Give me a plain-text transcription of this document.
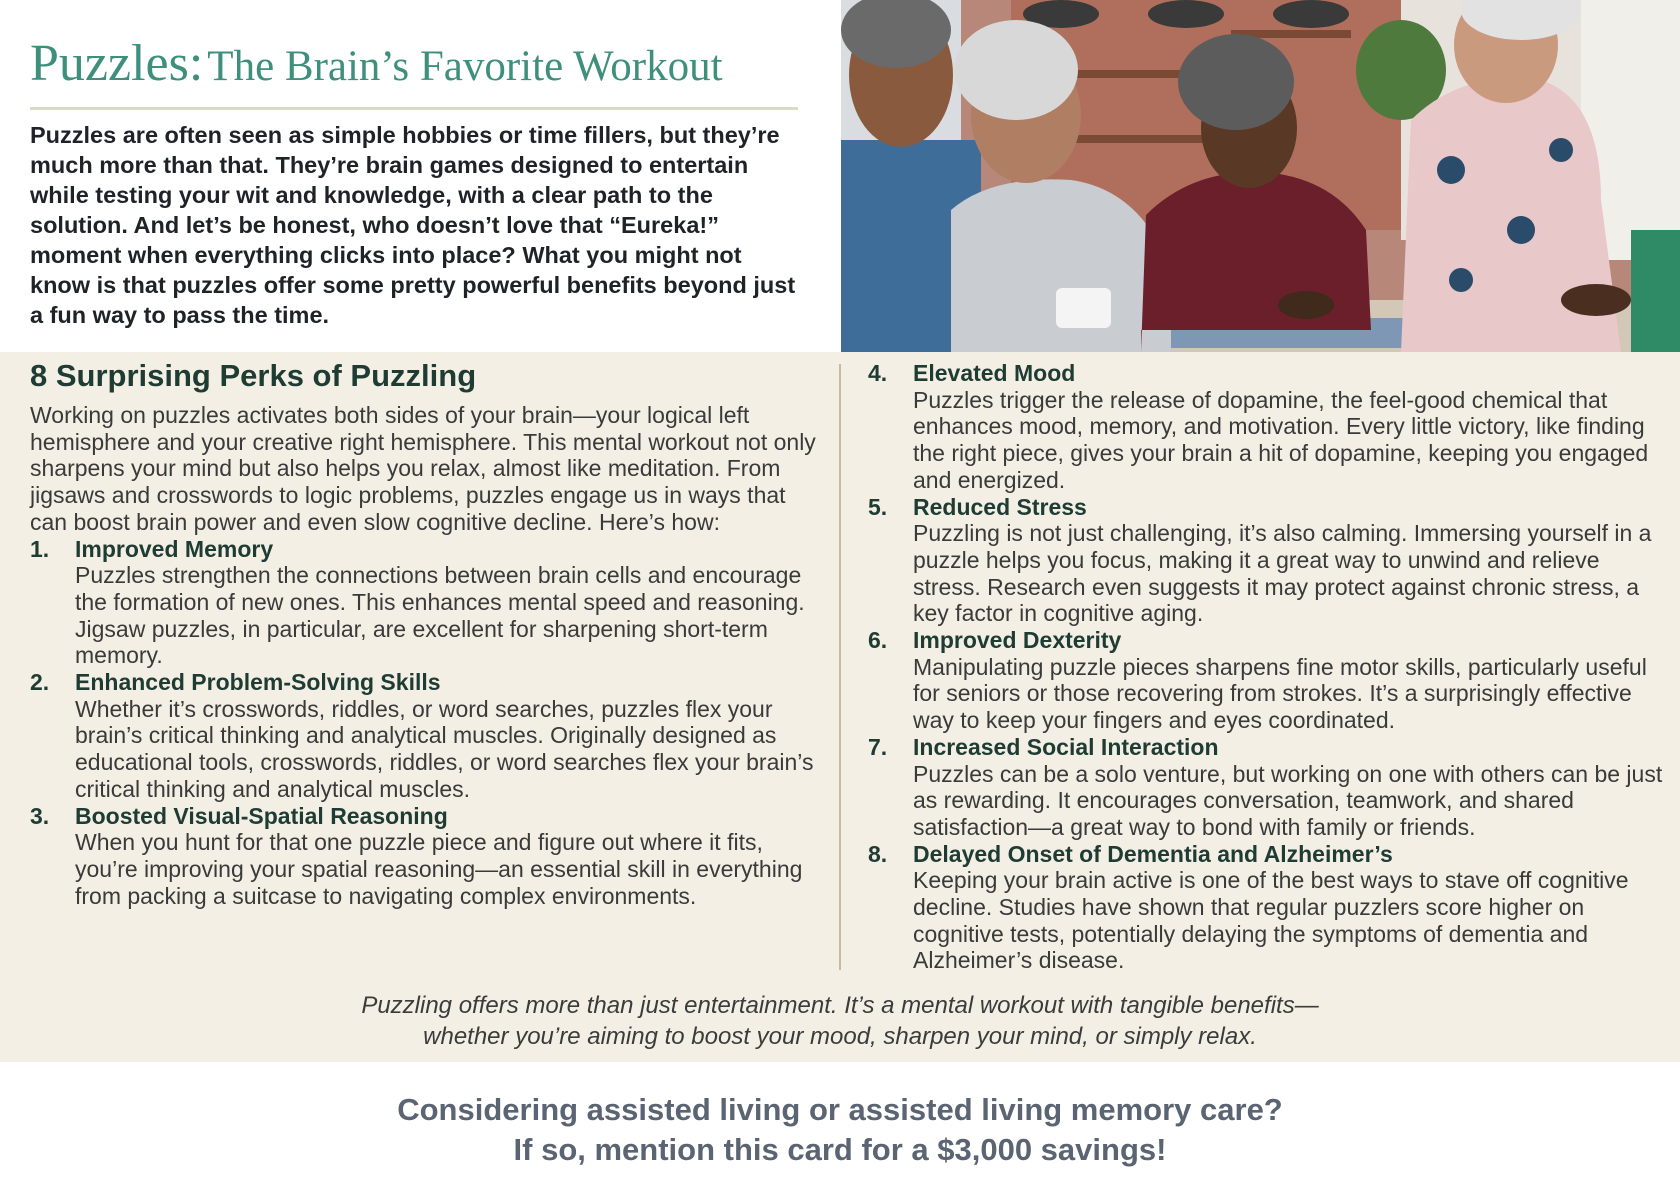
Puzzles: The Brain’s Favorite Workout

Puzzles are often seen as simple hobbies or time fillers, but they’re much more than that. They’re brain games designed to entertain while testing your wit and knowledge, with a clear path to the solution. And let’s be honest, who doesn’t love that “Eureka!” moment when everything clicks into place? What you might not know is that puzzles offer some pretty powerful benefits beyond just a fun way to pass the time.

8 Surprising Perks of Puzzling

Working on puzzles activates both sides of your brain—your logical left hemisphere and your creative right hemisphere. This mental workout not only sharpens your mind but also helps you relax, almost like meditation. From jigsaws and crosswords to logic problems, puzzles engage us in ways that can boost brain power and even slow cognitive decline. Here’s how:

1. Improved Memory
Puzzles strengthen the connections between brain cells and encourage the formation of new ones. This enhances mental speed and reasoning. Jigsaw puzzles, in particular, are excellent for sharpening short-term memory.
2. Enhanced Problem-Solving Skills
Whether it’s crosswords, riddles, or word searches, puzzles flex your brain’s critical thinking and analytical muscles. Originally designed as educational tools, crosswords, riddles, or word searches flex your brain’s critical thinking and analytical muscles.
3. Boosted Visual-Spatial Reasoning
When you hunt for that one puzzle piece and figure out where it fits, you’re improving your spatial reasoning—an essential skill in everything from packing a suitcase to navigating complex environments.
4. Elevated Mood
Puzzles trigger the release of dopamine, the feel-good chemical that enhances mood, memory, and motivation. Every little victory, like finding the right piece, gives your brain a hit of dopamine, keeping you engaged and energized.
5. Reduced Stress
Puzzling is not just challenging, it’s also calming. Immersing yourself in a puzzle helps you focus, making it a great way to unwind and relieve stress. Research even suggests it may protect against chronic stress, a key factor in cognitive aging.
6. Improved Dexterity
Manipulating puzzle pieces sharpens fine motor skills, particularly useful for seniors or those recovering from strokes. It’s a surprisingly effective way to keep your fingers and eyes coordinated.
7. Increased Social Interaction
Puzzles can be a solo venture, but working on one with others can be just as rewarding. It encourages conversation, teamwork, and shared satisfaction—a great way to bond with family or friends.
8. Delayed Onset of Dementia and Alzheimer’s
Keeping your brain active is one of the best ways to stave off cognitive decline. Studies have shown that regular puzzlers score higher on cognitive tests, potentially delaying the symptoms of dementia and Alzheimer’s disease.
Puzzling offers more than just entertainment. It’s a mental workout with tangible benefits—
whether you’re aiming to boost your mood, sharpen your mind, or simply relax.
Considering assisted living or assisted living memory care?
If so, mention this card for a $3,000 savings!
